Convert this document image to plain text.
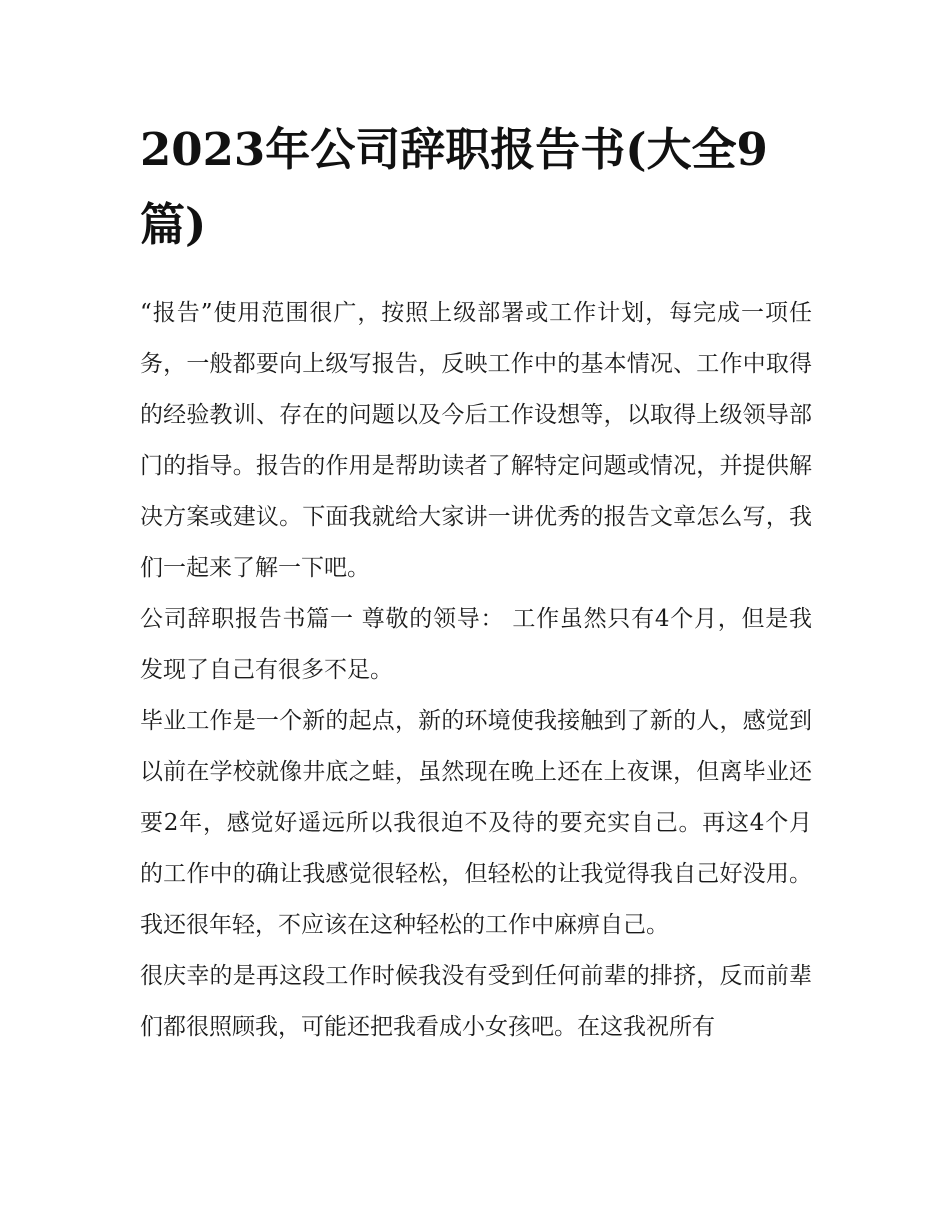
2023年公司辞职报告书(大全9篇)

“报告”使用范围很广，按照上级部署或工作计划，每完成一项任务，一般都要向上级写报告，反映工作中的基本情况、工作中取得的经验教训、存在的问题以及今后工作设想等，以取得上级领导部门的指导。报告的作用是帮助读者了解特定问题或情况，并提供解决方案或建议。下面我就给大家讲一讲优秀的报告文章怎么写，我们一起来了解一下吧。

公司辞职报告书篇一 尊敬的领导： 工作虽然只有4个月，但是我发现了自己有很多不足。

毕业工作是一个新的起点，新的环境使我接触到了新的人，感觉到以前在学校就像井底之蛙，虽然现在晚上还在上夜课，但离毕业还要2年，感觉好遥远所以我很迫不及待的要充实自己。再这4个月的工作中的确让我感觉很轻松，但轻松的让我觉得我自己好没用。我还很年轻，不应该在这种轻松的工作中麻痹自己。

很庆幸的是再这段工作时候我没有受到任何前辈的排挤，反而前辈们都很照顾我，可能还把我看成小女孩吧。在这我祝所有
